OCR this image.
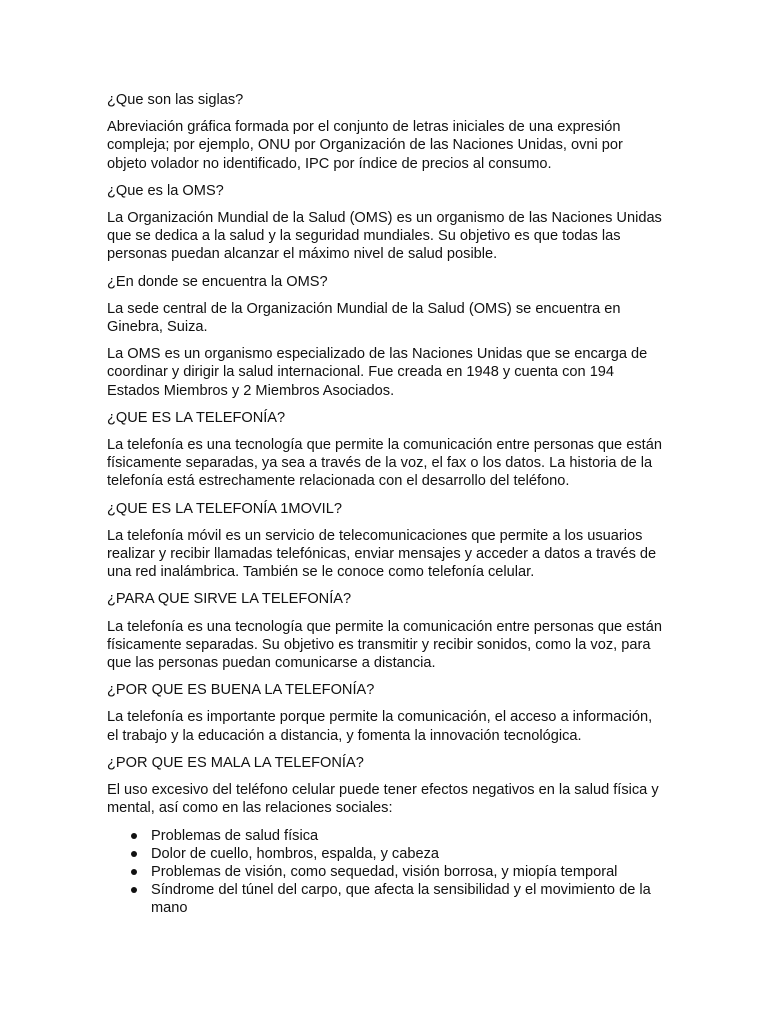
¿Que son las siglas?

Abreviación gráfica formada por el conjunto de letras iniciales de una expresión compleja; por ejemplo, ONU por Organización de las Naciones Unidas, ovni por objeto volador no identificado, IPC por índice de precios al consumo.

¿Que es la OMS?

La Organización Mundial de la Salud (OMS) es un organismo de las Naciones Unidas que se dedica a la salud y la seguridad mundiales. Su objetivo es que todas las personas puedan alcanzar el máximo nivel de salud posible.

¿En donde se encuentra la OMS?

La sede central de la Organización Mundial de la Salud (OMS) se encuentra en Ginebra, Suiza.

La OMS es un organismo especializado de las Naciones Unidas que se encarga de coordinar y dirigir la salud internacional. Fue creada en 1948 y cuenta con 194 Estados Miembros y 2 Miembros Asociados.

¿QUE ES LA TELEFONÍA?

La telefonía es una tecnología que permite la comunicación entre personas que están físicamente separadas, ya sea a través de la voz, el fax o los datos. La historia de la telefonía está estrechamente relacionada con el desarrollo del teléfono.

¿QUE ES LA TELEFONÍA 1MOVIL?

La telefonía móvil es un servicio de telecomunicaciones que permite a los usuarios realizar y recibir llamadas telefónicas, enviar mensajes y acceder a datos a través de una red inalámbrica. También se le conoce como telefonía celular.

¿PARA QUE SIRVE LA TELEFONÍA?

La telefonía es una tecnología que permite la comunicación entre personas que están físicamente separadas. Su objetivo es transmitir y recibir sonidos, como la voz, para que las personas puedan comunicarse a distancia.

¿POR QUE ES BUENA LA TELEFONÍA?

La telefonía es importante porque permite la comunicación, el acceso a información, el trabajo y la educación a distancia, y fomenta la innovación tecnológica.

¿POR QUE ES MALA LA TELEFONÍA?

El uso excesivo del teléfono celular puede tener efectos negativos en la salud física y mental, así como en las relaciones sociales:

Problemas de salud física
Dolor de cuello, hombros, espalda, y cabeza
Problemas de visión, como sequedad, visión borrosa, y miopía temporal
Síndrome del túnel del carpo, que afecta la sensibilidad y el movimiento de la mano
